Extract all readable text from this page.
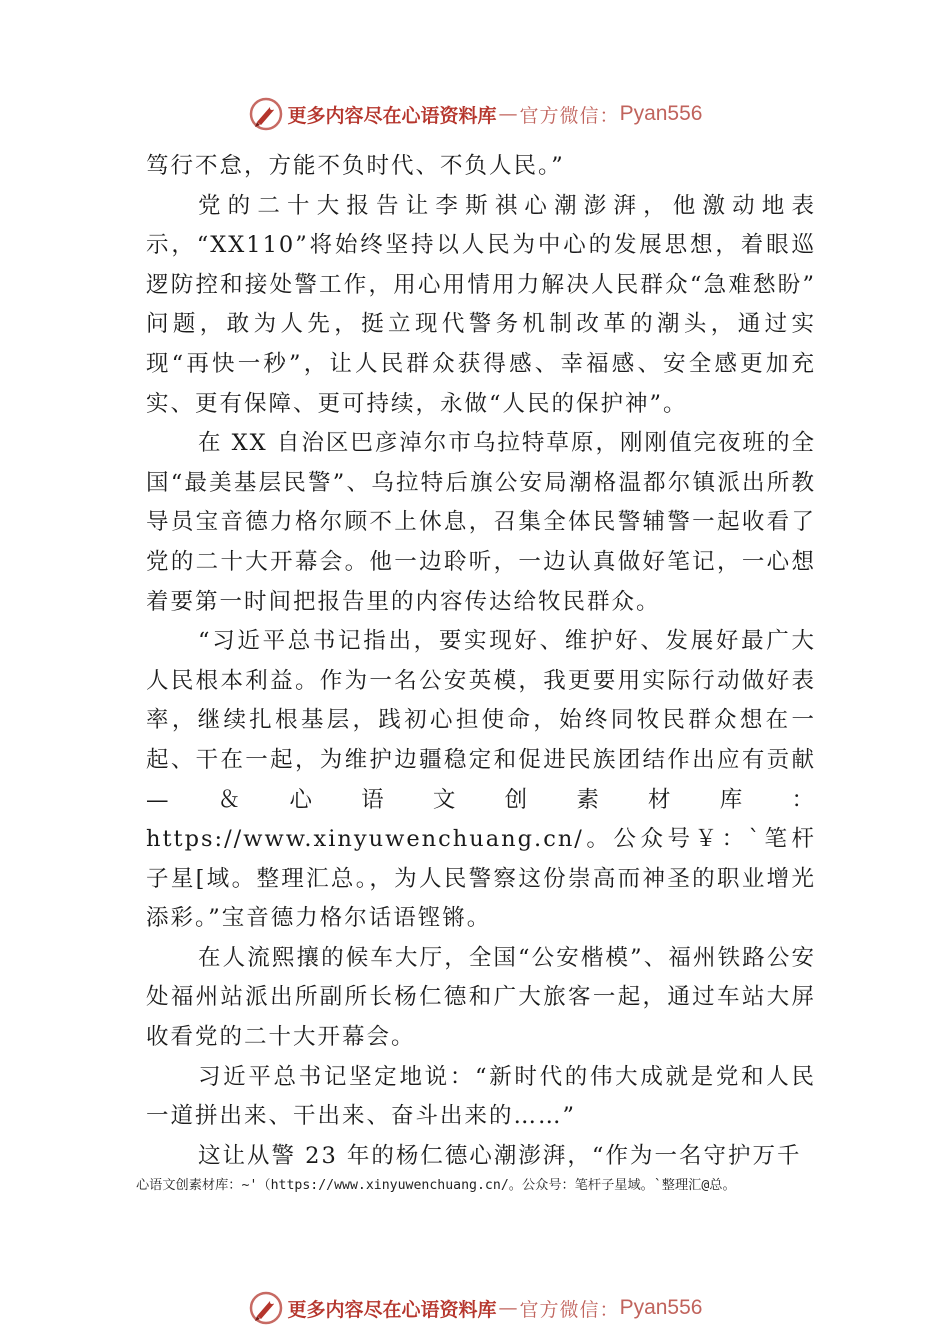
更多内容尽在心语资料库 — 官方微信： Pyan556

笃行不怠，方能不负时代、不负人民。”

党的二十大报告让李斯祺心潮澎湃，他激动地表示，“XX110”将始终坚持以人民为中心的发展思想，着眼巡逻防控和接处警工作，用心用情用力解决人民群众“急难愁盼” 问题，敢为人先，挺立现代警务机制改革的潮头，通过实现“再快一秒”，让人民群众获得感、幸福感、安全感更加充实、更有保障、更可持续，永做“人民的保护神”。

在 XX 自治区巴彦淖尔市乌拉特草原，刚刚值完夜班的全国“最美基层民警”、乌拉特后旗公安局潮格温都尔镇派出所教导员宝音德力格尔顾不上休息，召集全体民警辅警一起收看了党的二十大开幕会。他一边聆听，一边认真做好笔记，一心想着要第一时间把报告里的内容传达给牧民群众。

“习近平总书记指出，要实现好、维护好、发展好最广大人民根本利益。作为一名公安英模，我更要用实际行动做好表率，继续扎根基层，践初心担使命，始终同牧民群众想在一起、干在一起，为维护边疆稳定和促进民族团结作出应有贡献—＆心语文创素材库：https://www.xinyuwenchuang.cn/。公众号￥：`笔杆子星[域。整理汇总。，为人民警察这份崇高而神圣的职业增光添彩。”宝音德力格尔话语铿锵。

在人流熙攘的候车大厅，全国“公安楷模”、福州铁路公安处福州站派出所副所长杨仁德和广大旅客一起，通过车站大屏收看党的二十大开幕会。

习近平总书记坚定地说：“新时代的伟大成就是党和人民一道拼出来、干出来、奋斗出来的……”

这让从警 23 年的杨仁德心潮澎湃，“作为一名守护万千

心语文创素材库：~'（https://www.xinyuwenchuang.cn/。公众号：笔杆子星域。`整理汇@总。
更多内容尽在心语资料库 — 官方微信： Pyan556
